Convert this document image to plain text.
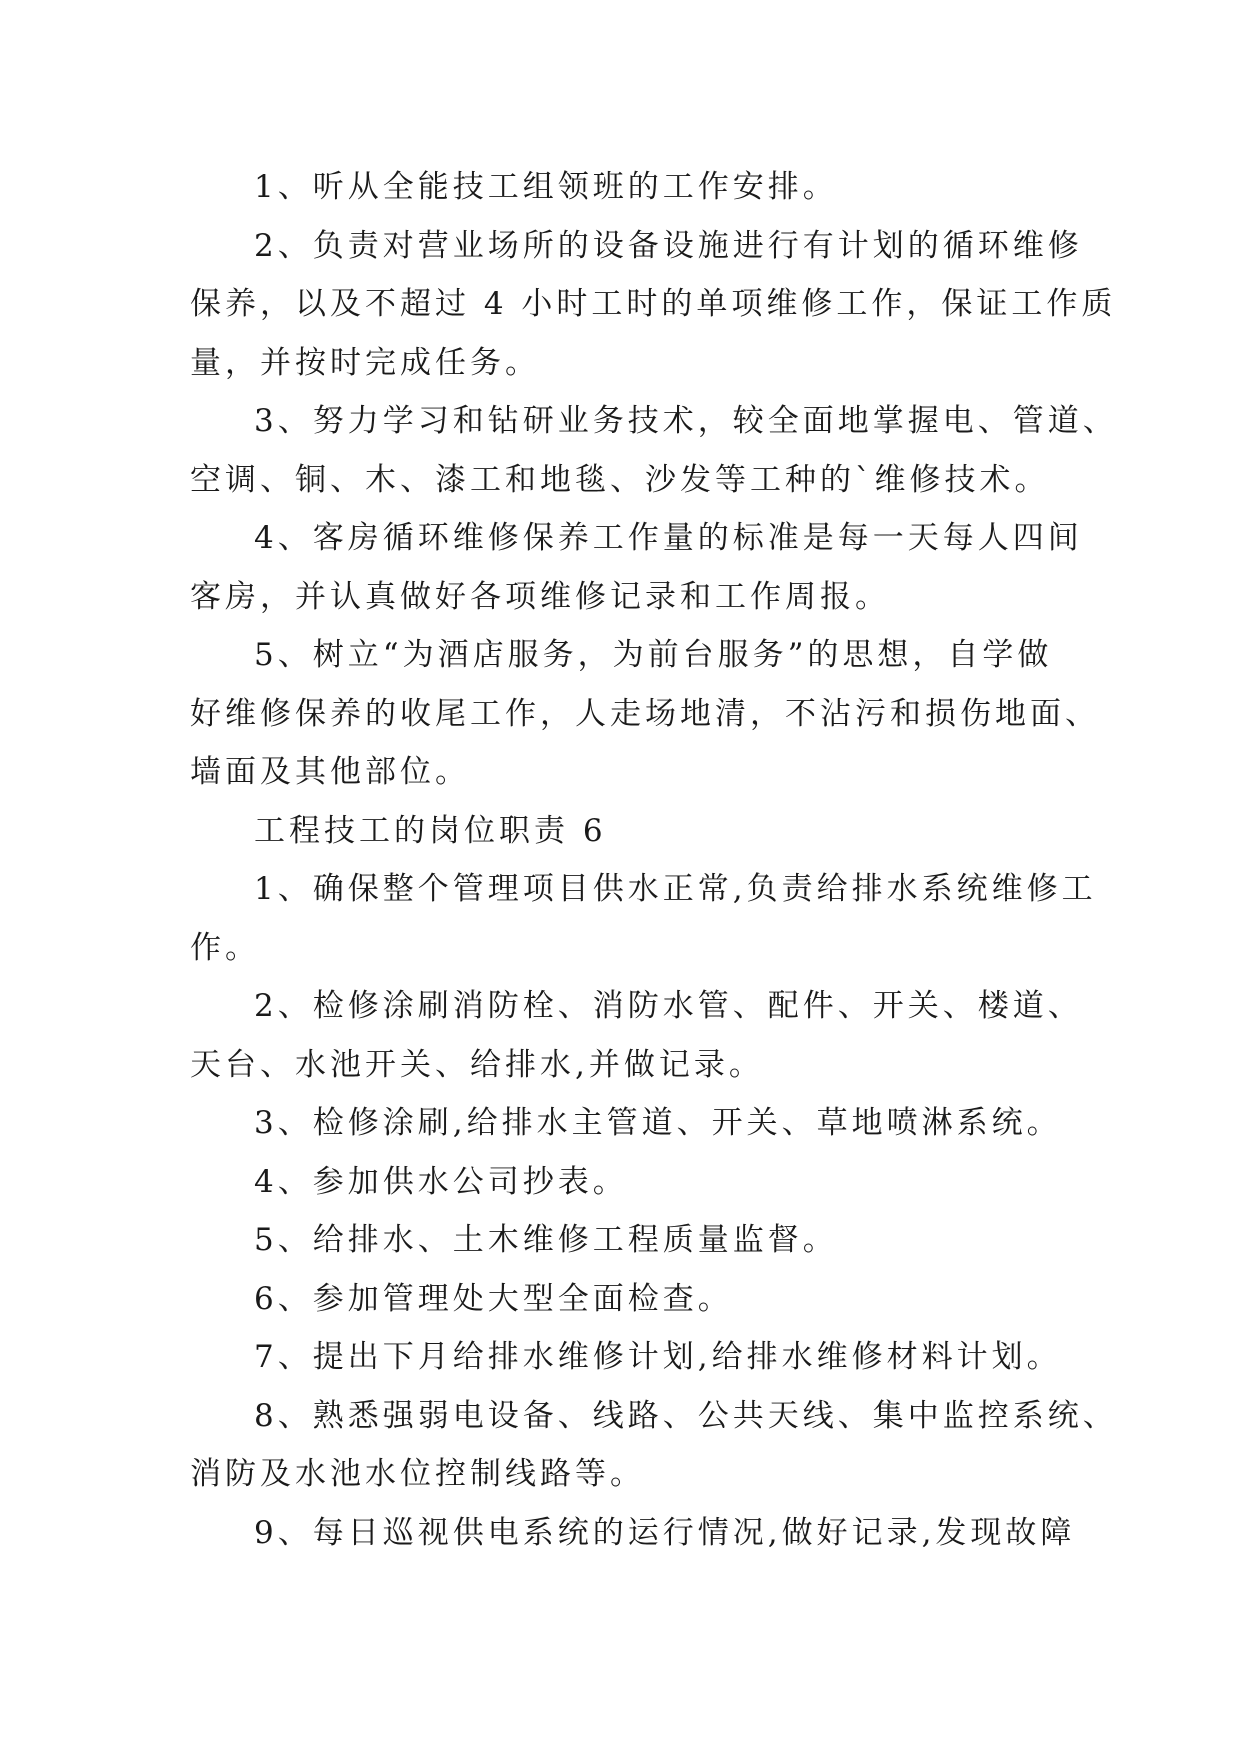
1、听从全能技工组领班的工作安排。
2、负责对营业场所的设备设施进行有计划的循环维修
保养，以及不超过 4 小时工时的单项维修工作，保证工作质
量，并按时完成任务。
3、努力学习和钻研业务技术，较全面地掌握电、管道、
空调、铜、木、漆工和地毯、沙发等工种的`维修技术。
4、客房循环维修保养工作量的标准是每一天每人四间
客房，并认真做好各项维修记录和工作周报。
5、树立“为酒店服务，为前台服务”的思想，自学做
好维修保养的收尾工作，人走场地清，不沾污和损伤地面、
墙面及其他部位。
工程技工的岗位职责 6
1、确保整个管理项目供水正常,负责给排水系统维修工
作。
2、检修涂刷消防栓、消防水管、配件、开关、楼道、
天台、水池开关、给排水,并做记录。
3、检修涂刷,给排水主管道、开关、草地喷淋系统。
4、参加供水公司抄表。
5、给排水、土木维修工程质量监督。
6、参加管理处大型全面检查。
7、提出下月给排水维修计划,给排水维修材料计划。
8、熟悉强弱电设备、线路、公共天线、集中监控系统、
消防及水池水位控制线路等。
9、每日巡视供电系统的运行情况,做好记录,发现故障
